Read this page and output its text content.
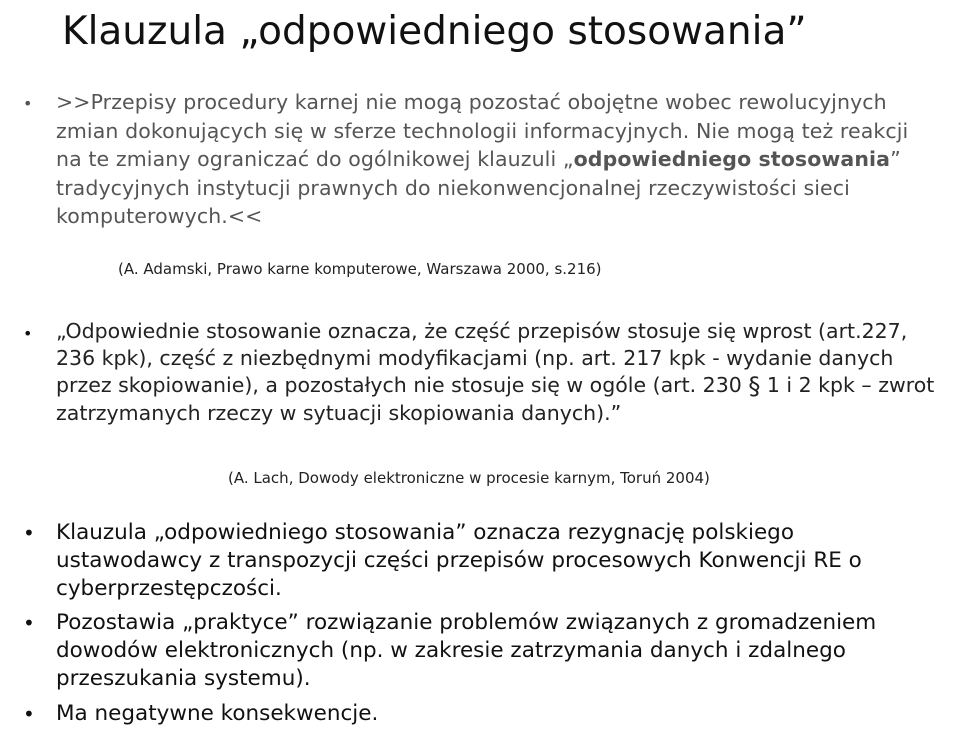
Klauzula „odpowiedniego stosowania”

• >>Przepisy procedury karnej nie mogą pozostać obojętne wobec rewolucyjnych zmian dokonujących się w sferze technologii informacyjnych. Nie mogą też reakcji na te zmiany ograniczać do ogólnikowej klauzuli „odpowiedniego stosowania” tradycyjnych instytucji prawnych do niekonwencjonalnej rzeczywistości sieci komputerowych.<<

(A. Adamski, Prawo karne komputerowe, Warszawa 2000, s.216)

• „Odpowiednie stosowanie oznacza, że część przepisów stosuje się wprost (art.227, 236 kpk), część z niezbędnymi modyfikacjami (np. art. 217 kpk - wydanie danych przez skopiowanie), a pozostałych nie stosuje się w ogóle (art. 230 § 1 i 2 kpk – zwrot zatrzymanych rzeczy w sytuacji skopiowania danych).”

(A. Lach, Dowody elektroniczne w procesie karnym, Toruń 2004)

• Klauzula „odpowiedniego stosowania” oznacza rezygnację polskiego ustawodawcy z transpozycji części przepisów procesowych Konwencji RE o cyberprzestępczości.

• Pozostawia „praktyce” rozwiązanie problemów związanych z gromadzeniem dowodów elektronicznych (np. w zakresie zatrzymania danych i zdalnego przeszukania systemu).

• Ma negatywne konsekwencje.
